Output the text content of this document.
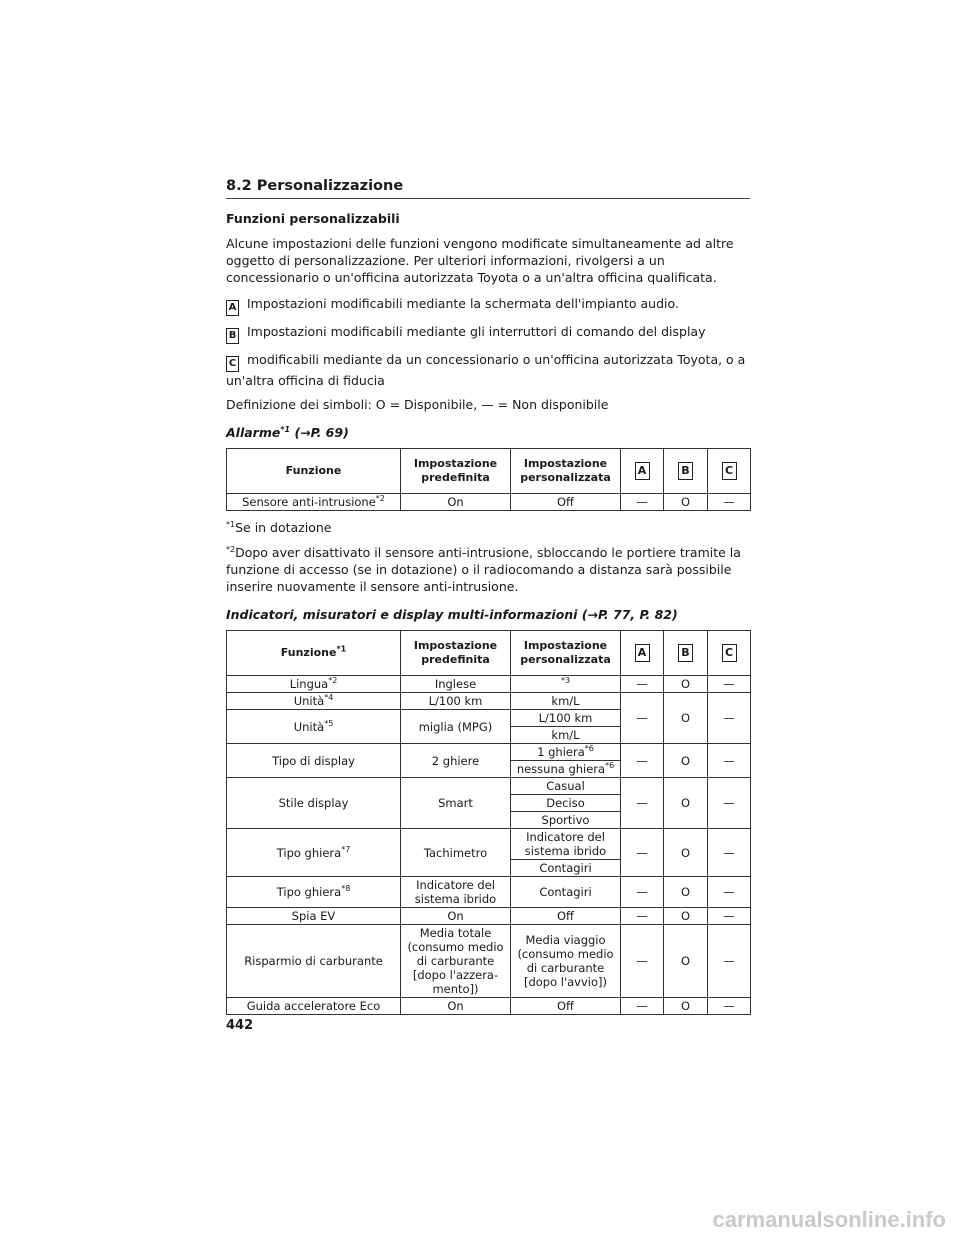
8.2 Personalizzazione
Funzioni personalizzabili

Alcune impostazioni delle funzioni vengono modificate simultaneamente ad altre oggetto di personalizzazione. Per ulteriori informazioni, rivolgersi a un concessionario o un'officina autorizzata Toyota o a un'altra officina qualificata.

A Impostazioni modificabili mediante la schermata dell'impianto audio.
B Impostazioni modificabili mediante gli interruttori di comando del display
C modificabili mediante da un concessionario o un'officina autorizzata Toyota, o a un'altra officina di fiducia

Definizione dei simboli: O = Disponibile, — = Non disponibile

Allarme$^{*1}$ (→P. 69)
Funzione	Impostazione predefinita	Impostazione personalizzata	A	B	C
Sensore anti-intrusione$^{*2}$	On	Off	—	O	—
$^{*1}$Se in dotazione
$^{*2}$Dopo aver disattivato il sensore anti-intrusione, sbloccando le portiere tramite la funzione di accesso (se in dotazione) o il radiocomando a distanza sarà possibile inserire nuovamente il sensore anti-intrusione.
Indicatori, misuratori e display multi-informazioni (→P. 77, P. 82)
Funzione$^{*1}$	Impostazione predefinita	Impostazione personalizzata	A	B	C
Lingua$^{*2}$	Inglese	$^{*3}$	—	O	—
Unità$^{*4}$	L/100 km	km/L	—	O	—
Unità$^{*5}$	miglia (MPG)	L/100 km			
		km/L			
Tipo di display	2 ghiere	1 ghiera$^{*6}$	—	O	—
		nessuna ghiera$^{*6}$
Stile display	Smart	Casual	—	O	—
		Deciso			
		Sportivo			
Tipo ghiera$^{*7}$	Tachimetro	Indicatore del sistema ibrido	—	O	—
		Contagiri			
Tipo ghiera$^{*8}$	Indicatore del sistema ibrido	Contagiri	—	O	—
Spia EV	On	Off	—	O	—
Risparmio di carburante	Media totale (consumo medio di carburante [dopo l'azzera-mento])	Media viaggio (consumo medio di carburante [dopo l'avvio])	—	O	—
Guida acceleratore Eco	On	Off	—	O	—
442
carmanualsonline.info
